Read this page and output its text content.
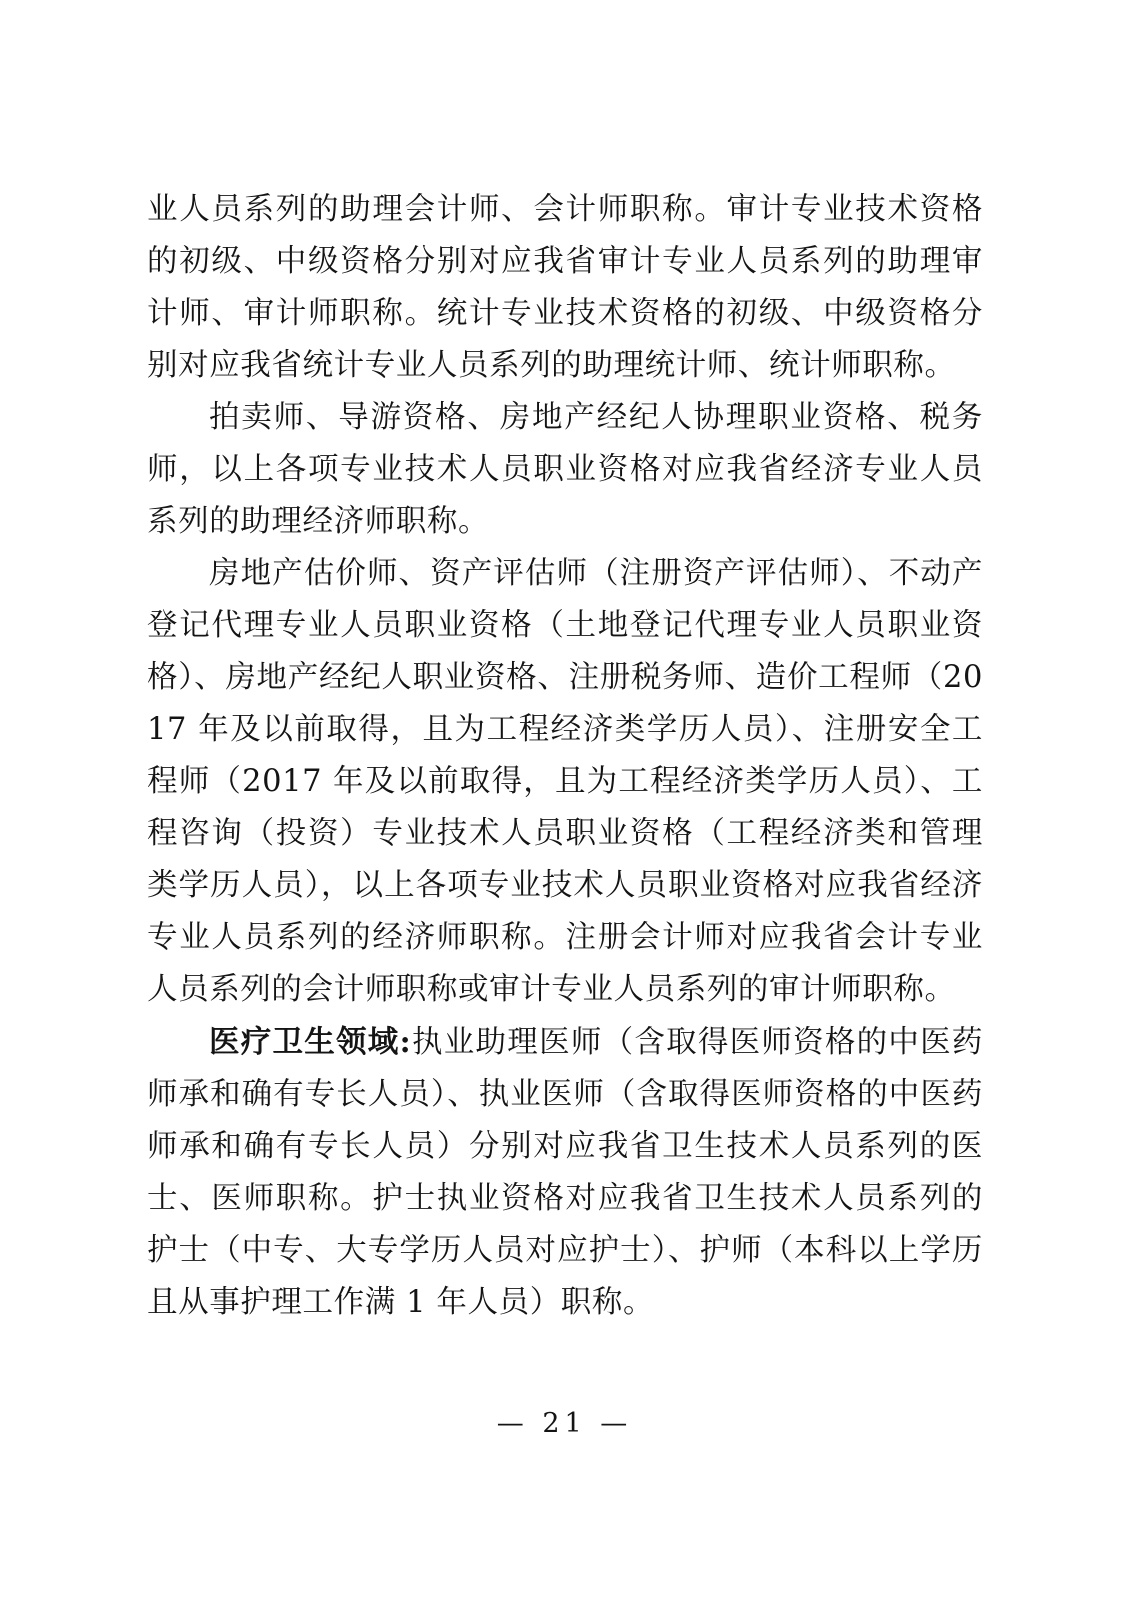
业人员系列的助理会计师、会计师职称。审计专业技术资格的初级、中级资格分别对应我省审计专业人员系列的助理审计师、审计师职称。统计专业技术资格的初级、中级资格分别对应我省统计专业人员系列的助理统计师、统计师职称。

拍卖师、导游资格、房地产经纪人协理职业资格、税务师，以上各项专业技术人员职业资格对应我省经济专业人员系列的助理经济师职称。

房地产估价师、资产评估师（注册资产评估师）、不动产登记代理专业人员职业资格（土地登记代理专业人员职业资格）、房地产经纪人职业资格、注册税务师、造价工程师（2017 年及以前取得，且为工程经济类学历人员）、注册安全工程师（2017 年及以前取得，且为工程经济类学历人员）、工程咨询（投资）专业技术人员职业资格（工程经济类和管理类学历人员），以上各项专业技术人员职业资格对应我省经济专业人员系列的经济师职称。注册会计师对应我省会计专业人员系列的会计师职称或审计专业人员系列的审计师职称。

医疗卫生领域:执业助理医师（含取得医师资格的中医药师承和确有专长人员）、执业医师（含取得医师资格的中医药师承和确有专长人员）分别对应我省卫生技术人员系列的医士、医师职称。护士执业资格对应我省卫生技术人员系列的护士（中专、大专学历人员对应护士）、护师（本科以上学历且从事护理工作满 1 年人员）职称。

— 21 —
